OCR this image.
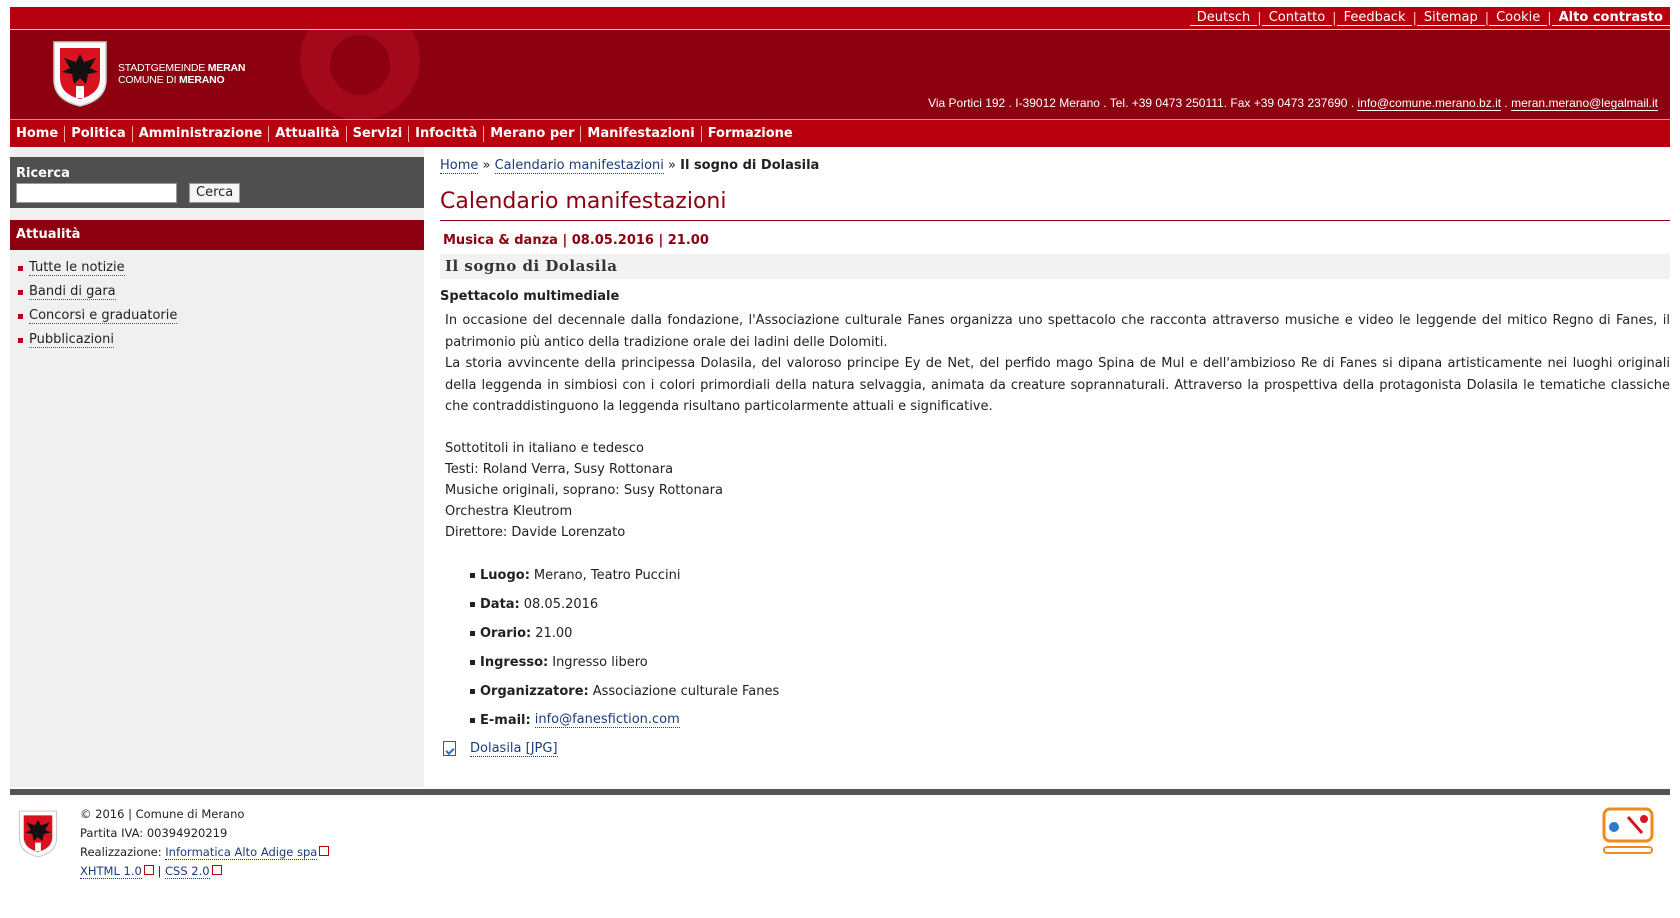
Deutsch | Contatto | Feedback | Sitemap | Cookie | Alto contrasto
STADTGEMEINDE MERAN
COMUNE DI MERANO
Via Portici 192 . I-39012 Merano . Tel. +39 0473 250111. Fax +39 0473 237690 . info@comune.merano.bz.it . meran.merano@legalmail.it
Home	Politica	Amministrazione	Attualità	Servizi	Infocittà	Merano per	Manifestazioni	Formazione
Ricerca
Cerca
Attualità
Tutte le notizie
Bandi di gara
Concorsi e graduatorie
Pubblicazioni
Home » Calendario manifestazioni » Il sogno di Dolasila
Calendario manifestazioni
Musica & danza | 08.05.2016 | 21.00
Il sogno di Dolasila
Spettacolo multimediale

In occasione del decennale dalla fondazione, l'Associazione culturale Fanes organizza uno spettacolo che racconta attraverso musiche e video le leggende del mitico Regno di Fanes, il patrimonio più antico della tradizione orale dei ladini delle Dolomiti.

La storia avvincente della principessa Dolasila, del valoroso principe Ey de Net, del perfido mago Spina de Mul e dell'ambizioso Re di Fanes si dipana artisticamente nei luoghi originali della leggenda in simbiosi con i colori primordiali della natura selvaggia, animata da creature soprannaturali. Attraverso la prospettiva della protagonista Dolasila le tematiche classiche che contraddistinguono la leggenda risultano particolarmente attuali e significative.

Sottotitoli in italiano e tedesco
Testi: Roland Verra, Susy Rottonara
Musiche originali, soprano: Susy Rottonara
Orchestra Kleutrom
Direttore: Davide Lorenzato
Luogo: Merano, Teatro Puccini
Data: 08.05.2016
Orario: 21.00
Ingresso: Ingresso libero
Organizzatore: Associazione culturale Fanes
E-mail: info@fanesfiction.com
Dolasila [JPG]
© 2016 | Comune di Merano
Partita IVA: 00394920219
Realizzazione: Informatica Alto Adige spa
XHTML 1.0 | CSS 2.0
